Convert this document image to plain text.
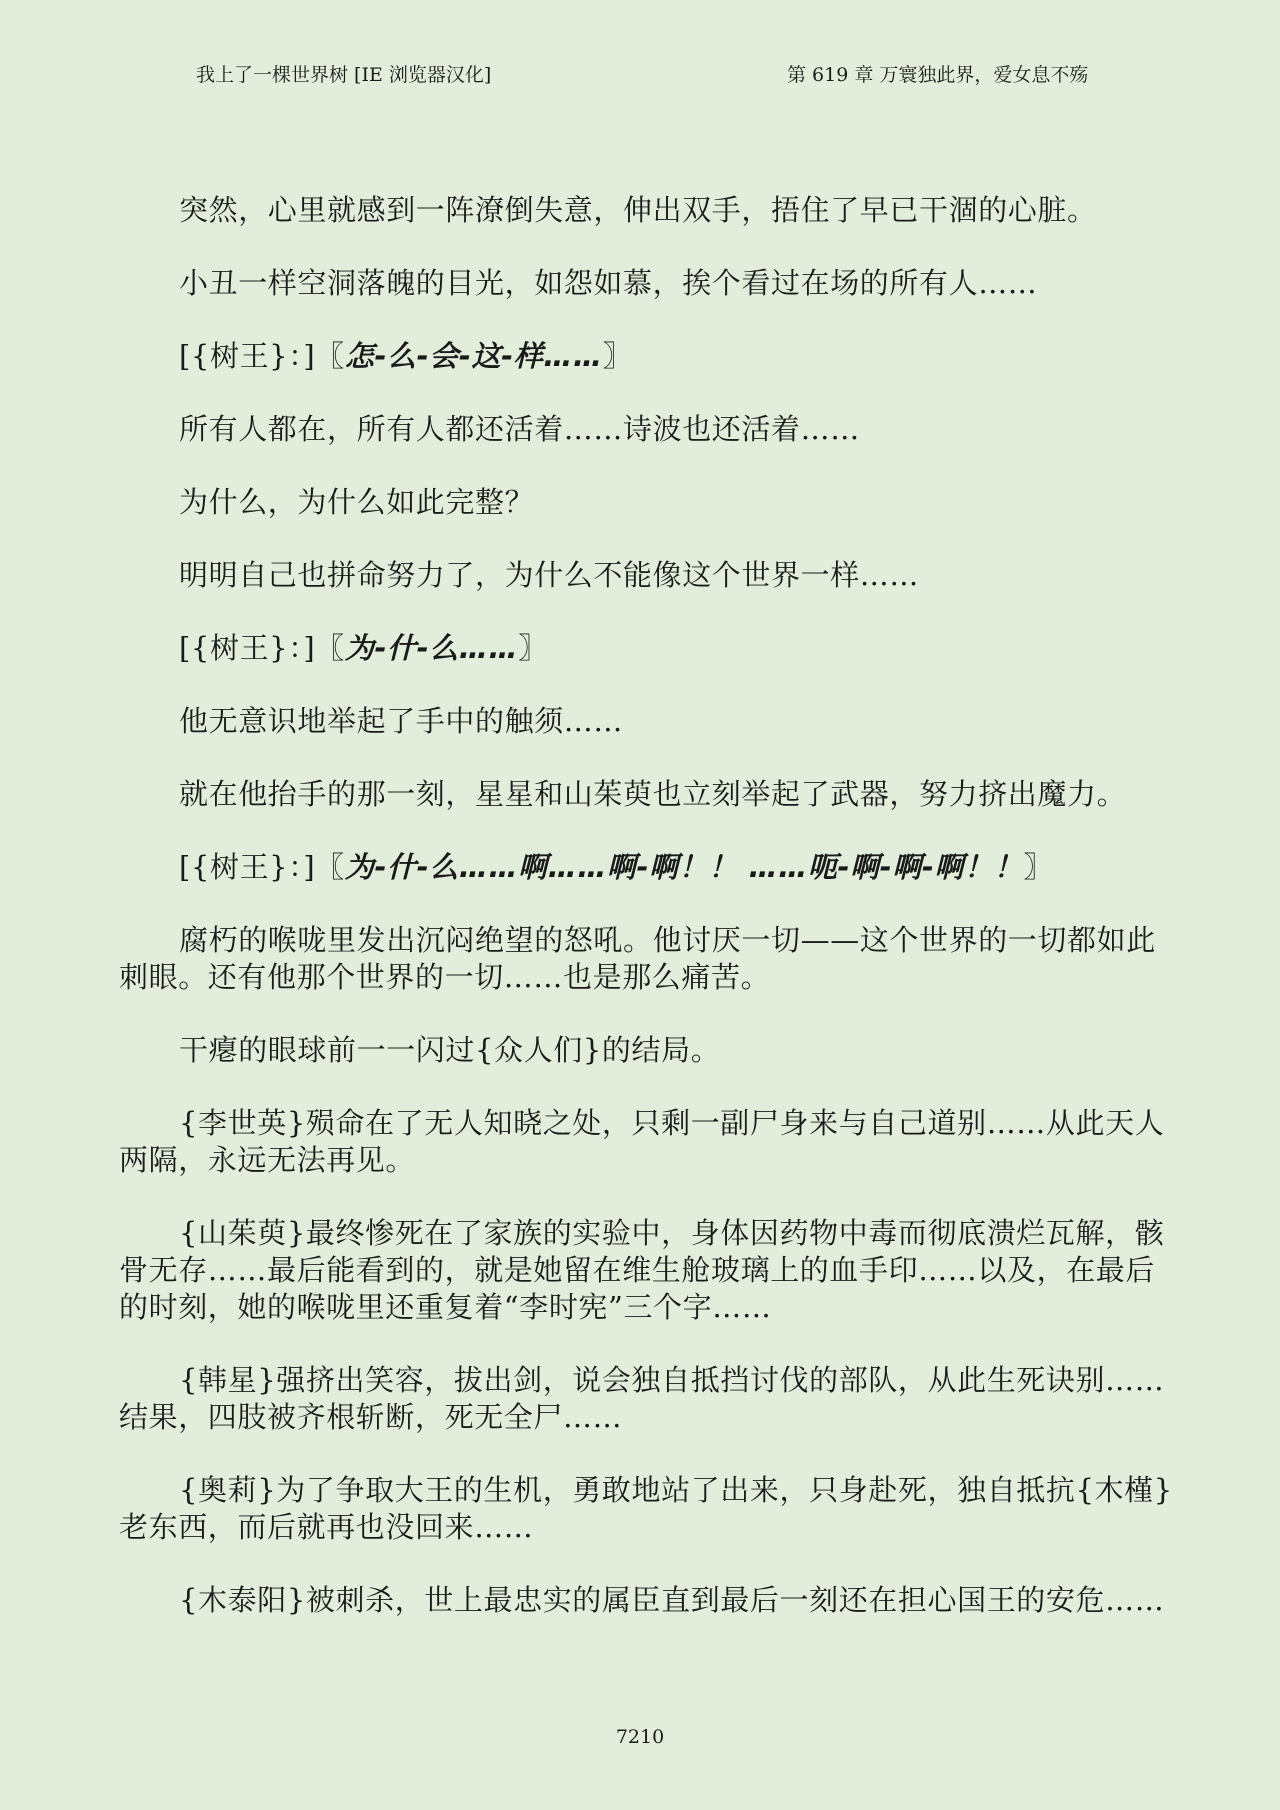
我上了一棵世界树 [IE 浏览器汉化]	第 619 章 万寰独此界，爱女息不殇
突然，心里就感到一阵潦倒失意，伸出双手，捂住了早已干涸的心脏。
小丑一样空洞落魄的目光，如怨如慕，挨个看过在场的所有人……
[{树王}：]〖怎-么-会-这-样……〗
所有人都在，所有人都还活着……诗波也还活着……
为什么，为什么如此完整？
明明自己也拼命努力了，为什么不能像这个世界一样……
[{树王}：]〖为-什-么……〗
他无意识地举起了手中的触须……
就在他抬手的那一刻，星星和山茱萸也立刻举起了武器，努力挤出魔力。
[{树王}：]〖为-什-么……啊……啊-啊！！ ……呃-啊-啊-啊！！〗
腐朽的喉咙里发出沉闷绝望的怒吼。他讨厌一切——这个世界的一切都如此
刺眼。还有他那个世界的一切……也是那么痛苦。
干瘪的眼球前一一闪过{众人们}的结局。
{李世英}殒命在了无人知晓之处，只剩一副尸身来与自己道别……从此天人
两隔，永远无法再见。
{山茱萸}最终惨死在了家族的实验中，身体因药物中毒而彻底溃烂瓦解，骸
骨无存……最后能看到的，就是她留在维生舱玻璃上的血手印……以及，在最后
的时刻，她的喉咙里还重复着“李时宪”三个字……
{韩星}强挤出笑容，拔出剑，说会独自抵挡讨伐的部队，从此生死诀别……
结果，四肢被齐根斩断，死无全尸……
{奥莉}为了争取大王的生机，勇敢地站了出来，只身赴死，独自抵抗{木槿}
老东西，而后就再也没回来……
{木泰阳}被刺杀，世上最忠实的属臣直到最后一刻还在担心国王的安危……
7210
